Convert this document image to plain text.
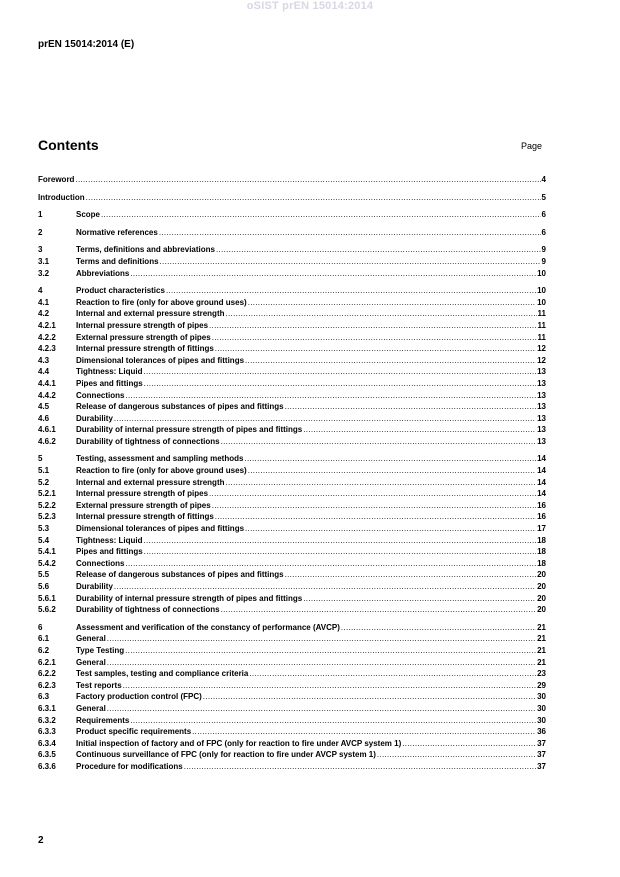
oSIST prEN 15014:2014
prEN 15014:2014 (E)
Contents	Page
Foreword .....	4
Introduction .....	5
1	Scope .....	6
2	Normative references .....	6
3	Terms, definitions and abbreviations .....	9
3.1	Terms and definitions .....	9
3.2	Abbreviations .....	10
4	Product characteristics .....	10
4.1	Reaction to fire (only for above ground uses) .....	10
4.2	Internal and external pressure strength .....	11
4.2.1	Internal pressure strength of pipes .....	11
4.2.2	External pressure strength of pipes .....	11
4.2.3	Internal pressure strength of fittings .....	12
4.3	Dimensional tolerances of pipes and fittings .....	12
4.4	Tightness: Liquid .....	13
4.4.1	Pipes and fittings .....	13
4.4.2	Connections .....	13
4.5	Release of dangerous substances of pipes and fittings .....	13
4.6	Durability .....	13
4.6.1	Durability of internal pressure strength of pipes and fittings .....	13
4.6.2	Durability of tightness of connections .....	13
5	Testing, assessment and sampling methods .....	14
5.1	Reaction to fire (only for above ground uses) .....	14
5.2	Internal and external pressure strength .....	14
5.2.1	Internal pressure strength of pipes .....	14
5.2.2	External pressure strength of pipes .....	16
5.2.3	Internal pressure strength of fittings .....	16
5.3	Dimensional tolerances of pipes and fittings .....	17
5.4	Tightness: Liquid .....	18
5.4.1	Pipes and fittings .....	18
5.4.2	Connections .....	18
5.5	Release of dangerous substances of pipes and fittings .....	20
5.6	Durability .....	20
5.6.1	Durability of internal pressure strength of pipes and fittings .....	20
5.6.2	Durability of tightness of connections .....	20
6	Assessment and verification of the constancy of performance (AVCP) .....	21
6.1	General .....	21
6.2	Type Testing .....	21
6.2.1	General .....	21
6.2.2	Test samples, testing and compliance criteria .....	23
6.2.3	Test reports .....	29
6.3	Factory production control (FPC) .....	30
6.3.1	General .....	30
6.3.2	Requirements .....	30
6.3.3	Product specific requirements .....	36
6.3.4	Initial inspection of factory and of FPC (only for reaction to fire under AVCP system 1) .....	37
6.3.5	Continuous surveillance of FPC (only for reaction to fire under AVCP system 1) .....	37
6.3.6	Procedure for modifications .....	37
2
